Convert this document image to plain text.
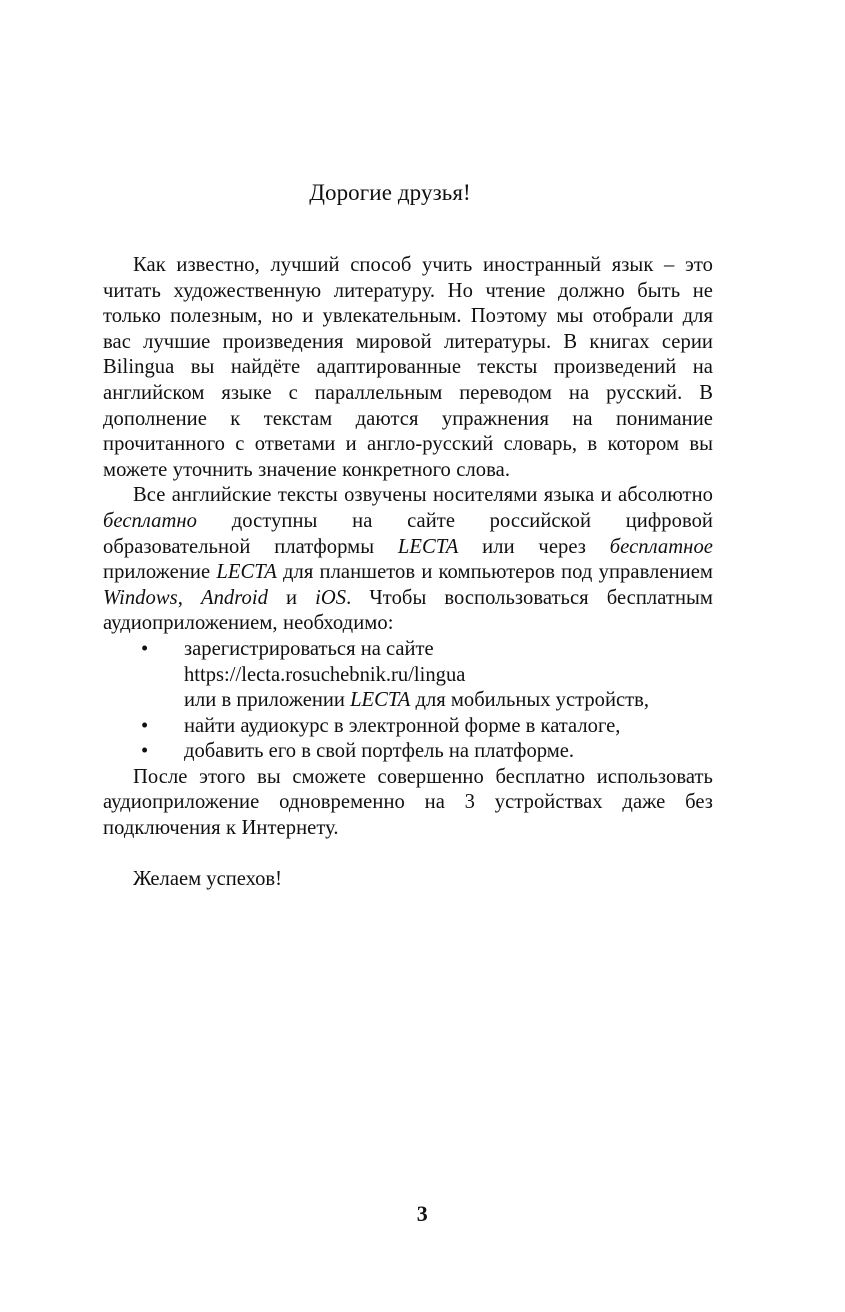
Дорогие друзья!

Как известно, лучший способ учить иностранный язык – это читать художественную литературу. Но чтение должно быть не только полезным, но и увлекательным. Поэтому мы отобрали для вас лучшие произведения мировой литературы. В книгах серии Bilingua вы найдёте адаптированные тексты произведений на английском языке с параллельным переводом на русский. В дополнение к текстам даются упражнения на понимание прочитанного с ответами и англо-русский словарь, в котором вы можете уточнить значение конкретного слова.

Все английские тексты озвучены носителями языка и абсолютно бесплатно доступны на сайте российской цифровой образовательной платформы LECTA или через бесплатное приложение LECTA для планшетов и компьютеров под управлением Windows, Android и iOS. Чтобы воспользоваться бесплатным аудиоприложением, необходимо:

• зарегистрироваться на сайте
https://lecta.rosuchebnik.ru/lingua
или в приложении LECTA для мобильных устройств,
• найти аудиокурс в электронной форме в каталоге,
• добавить его в свой портфель на платформе.

После этого вы сможете совершенно бесплатно использовать аудиоприложение одновременно на 3 устройствах даже без подключения к Интернету.

Желаем успехов!

3
